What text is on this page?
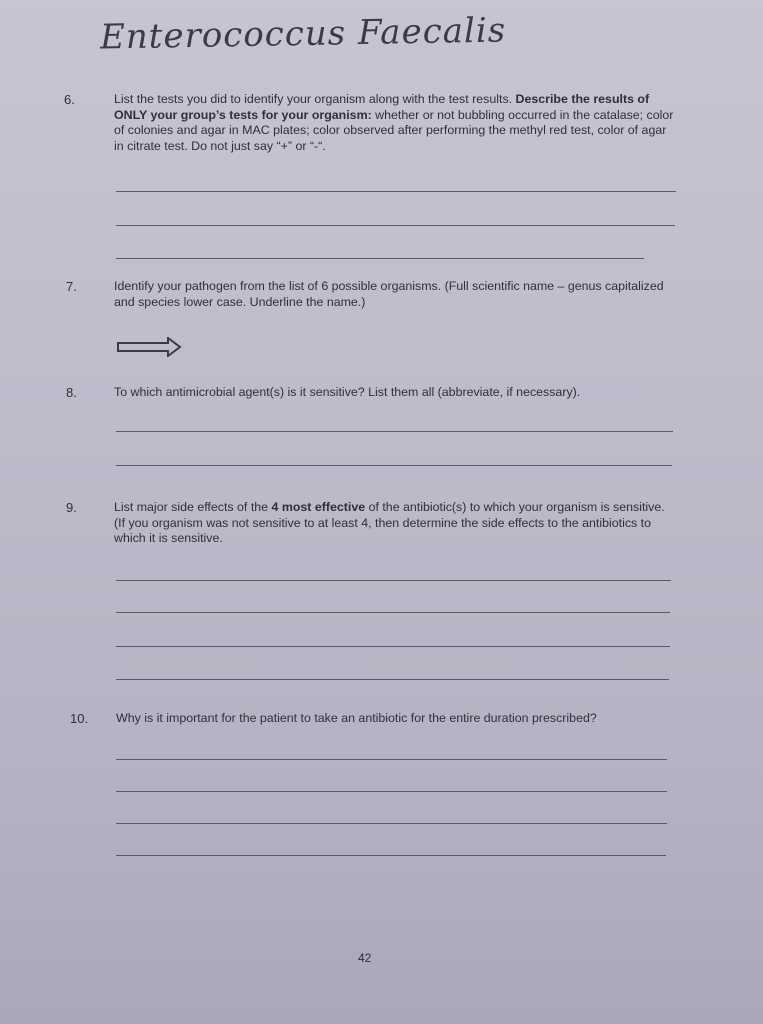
Enterococcus Faecalis
6.	List the tests you did to identify your organism along with the test results. Describe the results of ONLY your group’s tests for your organism: whether or not bubbling occurred in the catalase; color of colonies and agar in MAC plates; color observed after performing the methyl red test, color of agar in citrate test. Do not just say “+” or “-“.
7.	Identify your pathogen from the list of 6 possible organisms. (Full scientific name – genus capitalized and species lower case. Underline the name.)
8.	To which antimicrobial agent(s) is it sensitive? List them all (abbreviate, if necessary).
9.	List major side effects of the 4 most effective of the antibiotic(s) to which your organism is sensitive. (If you organism was not sensitive to at least 4, then determine the side effects to the antibiotics to which it is sensitive.
10. Why is it important for the patient to take an antibiotic for the entire duration prescribed?
42
